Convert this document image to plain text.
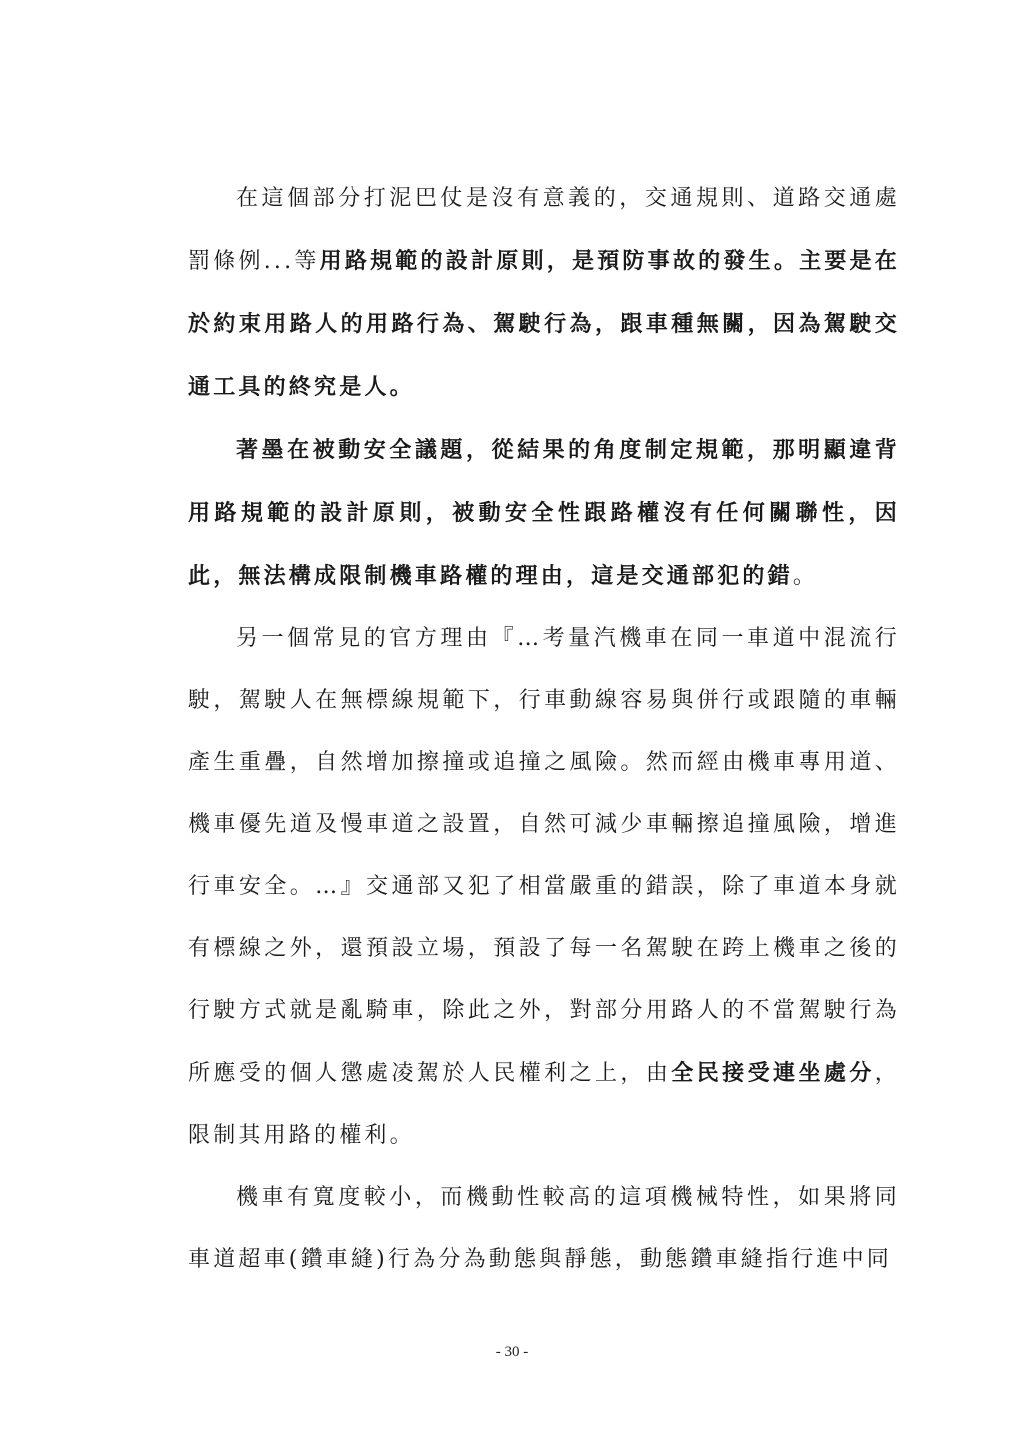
在這個部分打泥巴仗是沒有意義的，交通規則、道路交通處罰條例...等用路規範的設計原則，是預防事故的發生。主要是在於約束用路人的用路行為、駕駛行為，跟車種無關，因為駕駛交通工具的終究是人。

著墨在被動安全議題，從結果的角度制定規範，那明顯違背用路規範的設計原則，被動安全性跟路權沒有任何關聯性，因此，無法構成限制機車路權的理由，這是交通部犯的錯。

另一個常見的官方理由『…考量汽機車在同一車道中混流行駛，駕駛人在無標線規範下，行車動線容易與併行或跟隨的車輛產生重疊，自然增加擦撞或追撞之風險。然而經由機車專用道、機車優先道及慢車道之設置，自然可減少車輛擦追撞風險，增進行車安全。…』交通部又犯了相當嚴重的錯誤，除了車道本身就有標線之外，還預設立場，預設了每一名駕駛在跨上機車之後的行駛方式就是亂騎車，除此之外，對部分用路人的不當駕駛行為所應受的個人懲處凌駕於人民權利之上，由全民接受連坐處分，限制其用路的權利。

機車有寬度較小，而機動性較高的這項機械特性，如果將同車道超車(鑽車縫)行為分為動態與靜態，動態鑽車縫指行進中同

- 30 -
